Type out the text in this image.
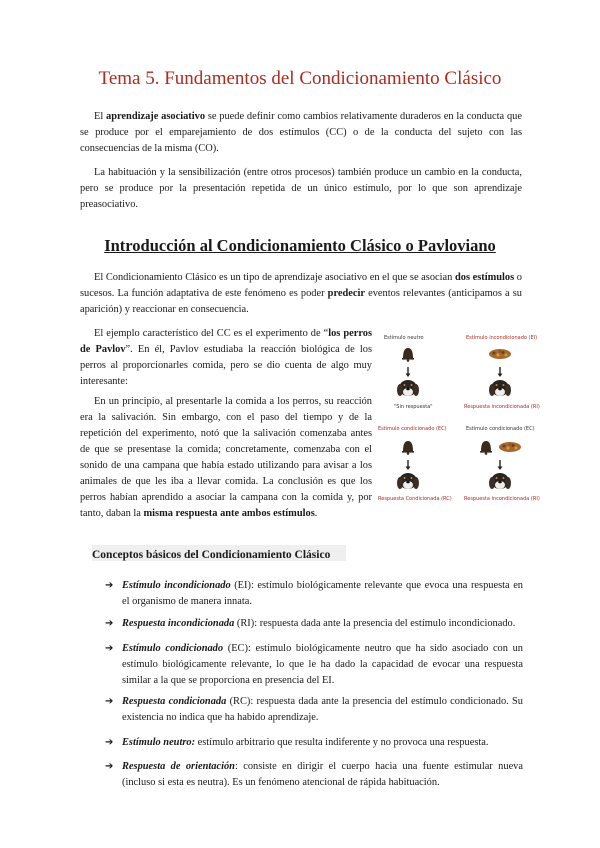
Tema 5. Fundamentos del Condicionamiento Clásico

El aprendizaje asociativo se puede definir como cambios relativamente duraderos en la conducta que se produce por el emparejamiento de dos estímulos (CC) o de la conducta del sujeto con las consecuencias de la misma (CO).

La habituación y la sensibilización (entre otros procesos) también produce un cambio en la conducta, pero se produce por la presentación repetida de un único estímulo, por lo que son aprendizaje preasociativo.

Introducción al Condicionamiento Clásico o Pavloviano

El Condicionamiento Clásico es un tipo de aprendizaje asociativo en el que se asocian dos estímulos o sucesos. La función adaptativa de este fenómeno es poder predecir eventos relevantes (anticipamos a su aparición) y reaccionar en consecuencia.

El ejemplo característico del CC es el experimento de “los perros de Pavlov”. En él, Pavlov estudiaba la reacción biológica de los perros al proporcionarles comida, pero se dio cuenta de algo muy interesante:

En un principio, al presentarle la comida a los perros, su reacción era la salivación. Sin embargo, con el paso del tiempo y de la repetición del experimento, notó que la salivación comenzaba antes de que se presentase la comida; concretamente, comenzaba con el sonido de una campana que había estado utilizando para avisar a los animales de que les iba a llevar comida. La conclusión es que los perros habían aprendido a asociar la campana con la comida y, por tanto, daban la misma respuesta ante ambos estímulos.

Estímulo neutro
"Sin respuesta"
Estímulo incondicionado (EI)
Respuesta incondicionada (RI)
Estímulo condicionado (EC)
Respuesta Condicionada (RC)
Estímulo condicionado (EC)
Respuesta incondicionada (RI)
Conceptos básicos del Condicionamiento Clásico
➔ Estímulo incondicionado (EI): estímulo biológicamente relevante que evoca una respuesta en el organismo de manera innata.
➔ Respuesta incondicionada (RI): respuesta dada ante la presencia del estímulo incondicionado.
➔ Estímulo condicionado (EC): estímulo biológicamente neutro que ha sido asociado con un estímulo biológicamente relevante, lo que le ha dado la capacidad de evocar una respuesta similar a la que se proporciona en presencia del EI.
➔ Respuesta condicionada (RC): respuesta dada ante la presencia del estímulo condicionado. Su existencia no indica que ha habido aprendizaje.
➔ Estímulo neutro: estímulo arbitrario que resulta indiferente y no provoca una respuesta.
➔ Respuesta de orientación: consiste en dirigir el cuerpo hacia una fuente estimular nueva (incluso si esta es neutra). Es un fenómeno atencional de rápida habituación.
